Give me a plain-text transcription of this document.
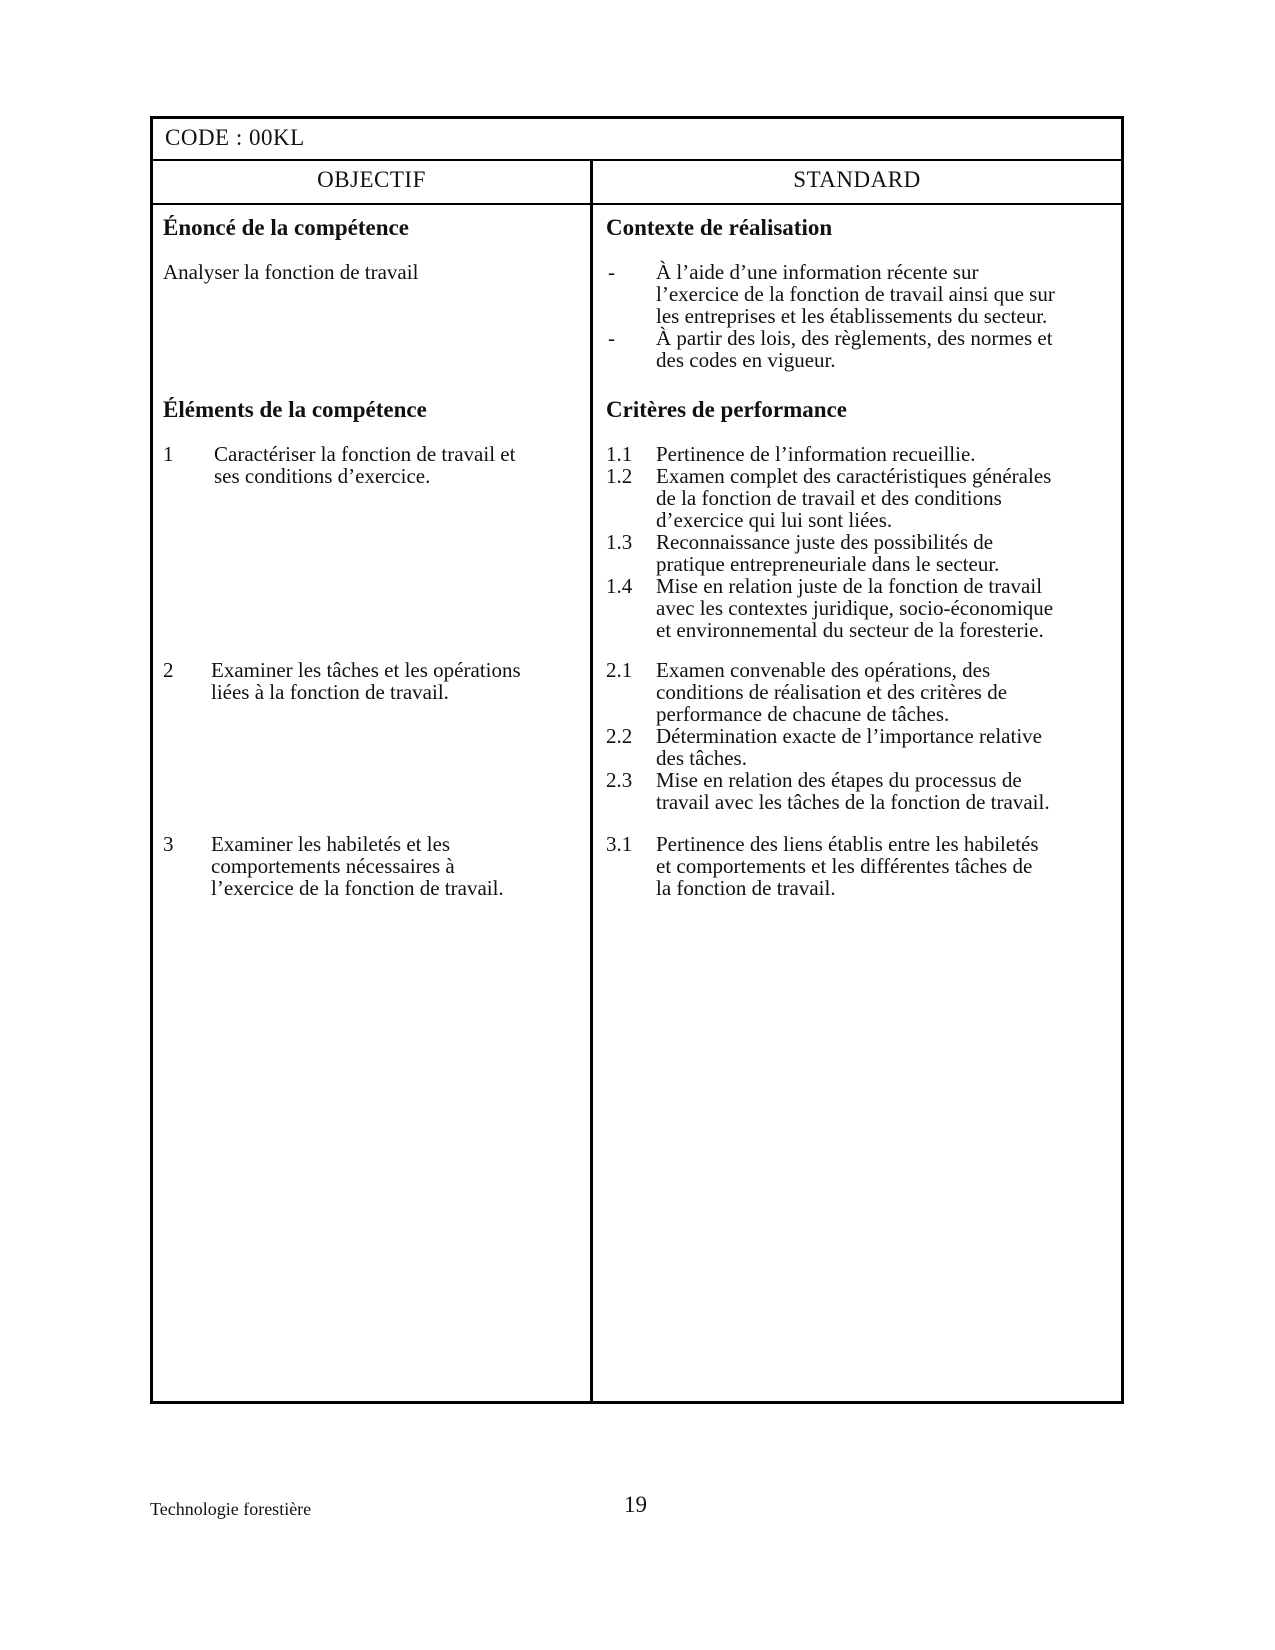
CODE : 00KL
OBJECTIF	STANDARD
Énoncé de la compétence
Analyser la fonction de travail
Éléments de la compétence
1 Caractériser la fonction de travail et
ses conditions d’exercice.
2 Examiner les tâches et les opérations
liées à la fonction de travail.
3 Examiner les habiletés et les
comportements nécessaires à
l’exercice de la fonction de travail.
Contexte de réalisation
- À l’aide d’une information récente sur
l’exercice de la fonction de travail ainsi que sur
les entreprises et les établissements du secteur.
- À partir des lois, des règlements, des normes et
des codes en vigueur.
Critères de performance
1.1 Pertinence de l’information recueillie.
1.2 Examen complet des caractéristiques générales
de la fonction de travail et des conditions
d’exercice qui lui sont liées.
1.3 Reconnaissance juste des possibilités de
pratique entrepreneuriale dans le secteur.
1.4 Mise en relation juste de la fonction de travail
avec les contextes juridique, socio-économique
et environnemental du secteur de la foresterie.
2.1 Examen convenable des opérations, des
conditions de réalisation et des critères de
performance de chacune de tâches.
2.2 Détermination exacte de l’importance relative
des tâches.
2.3 Mise en relation des étapes du processus de
travail avec les tâches de la fonction de travail.
3.1 Pertinence des liens établis entre les habiletés
et comportements et les différentes tâches de
la fonction de travail.
Technologie forestière	19
